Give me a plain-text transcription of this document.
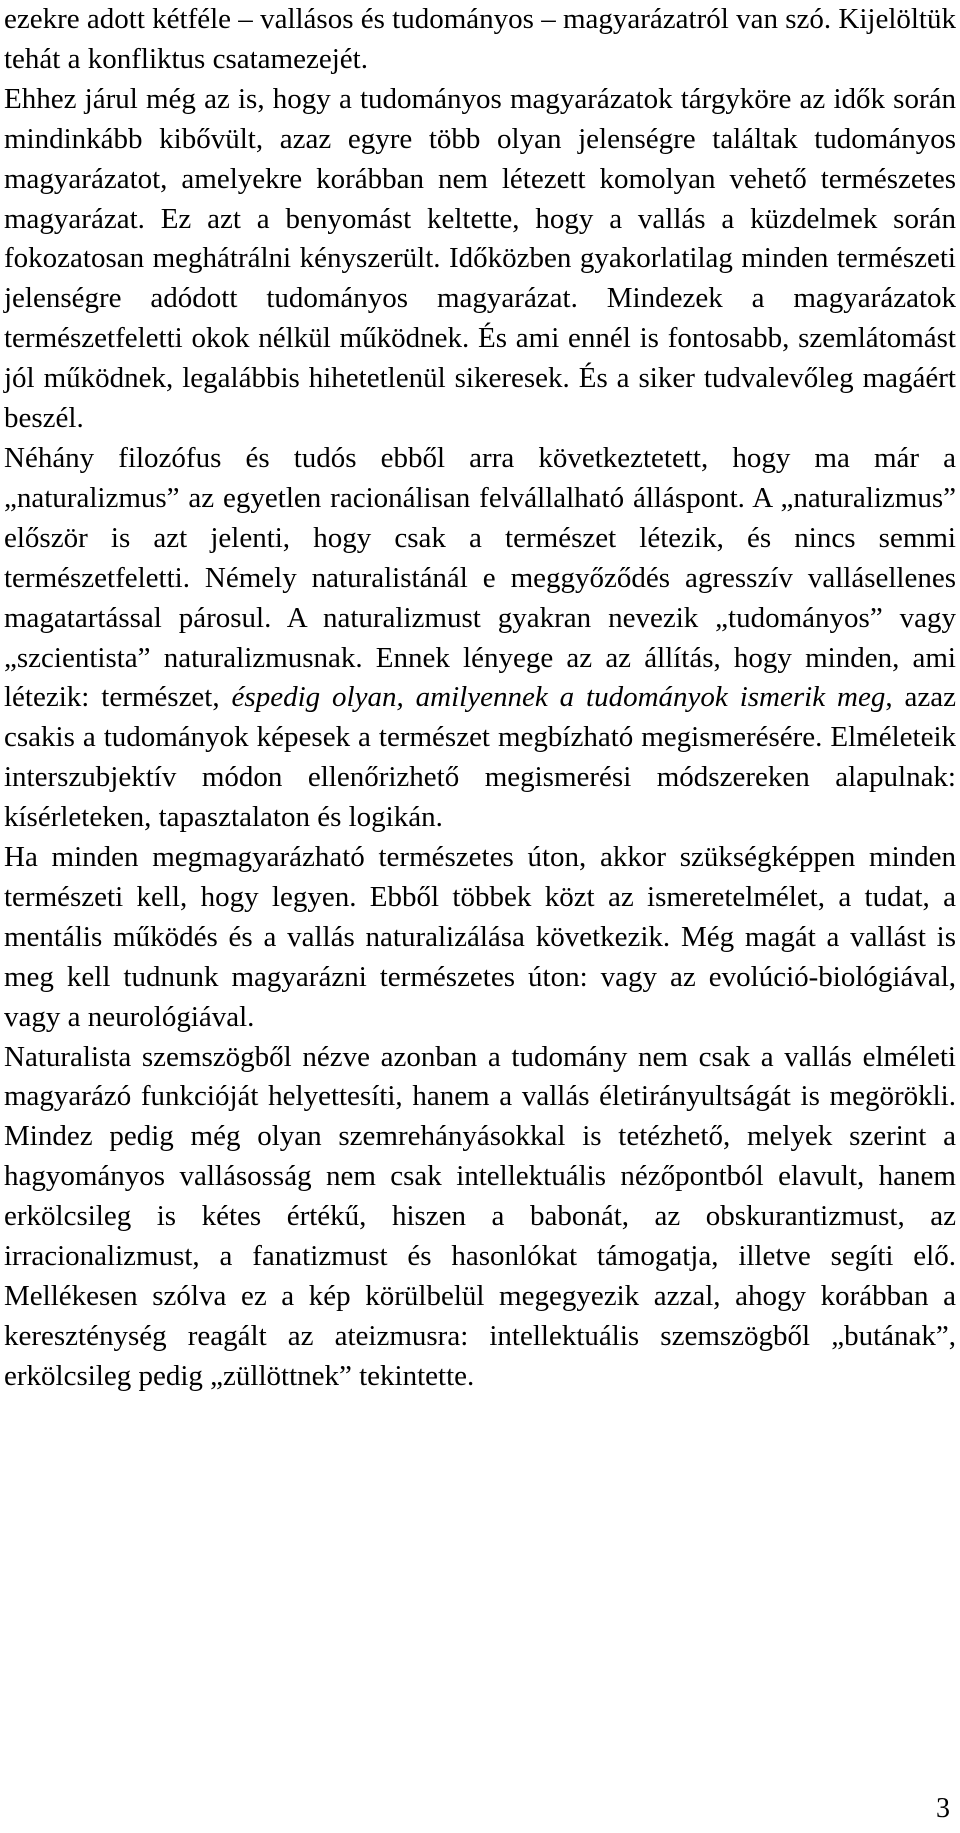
ezekre adott kétféle – vallásos és tudományos – magyarázatról van szó. Kijelöltük tehát a konfliktus csatamezejét.

Ehhez járul még az is, hogy a tudományos magyarázatok tárgyköre az idők során mindinkább kibővült, azaz egyre több olyan jelenségre találtak tudományos magyarázatot, amelyekre korábban nem létezett komolyan vehető természetes magyarázat. Ez azt a benyomást keltette, hogy a vallás a küzdelmek során fokozatosan meghátrálni kényszerült. Időközben gyakorlatilag minden természeti jelenségre adódott tudományos magyarázat. Mindezek a magyarázatok természetfeletti okok nélkül működnek. És ami ennél is fontosabb, szemlátomást jól működnek, legalábbis hihetetlenül sikeresek. És a siker tudvalevőleg magáért beszél.

Néhány filozófus és tudós ebből arra következtetett, hogy ma már a „naturalizmus” az egyetlen racionálisan felvállalható álláspont. A „naturalizmus” először is azt jelenti, hogy csak a természet létezik, és nincs semmi természetfeletti. Némely naturalistánál e meggyőződés agresszív vallásellenes magatartással párosul. A naturalizmust gyakran nevezik „tudományos” vagy „szcientista” naturalizmusnak. Ennek lényege az az állítás, hogy minden, ami létezik: természet, éspedig olyan, amilyennek a tudományok ismerik meg, azaz csakis a tudományok képesek a természet megbízható megismerésére. Elméleteik interszubjektív módon ellenőrizhető megismerési módszereken alapulnak: kísérleteken, tapasztalaton és logikán.

Ha minden megmagyarázható természetes úton, akkor szükségképpen minden természeti kell, hogy legyen. Ebből többek közt az ismeretelmélet, a tudat, a mentális működés és a vallás naturalizálása következik. Még magát a vallást is meg kell tudnunk magyarázni természetes úton: vagy az evolúció-biológiával, vagy a neurológiával.

Naturalista szemszögből nézve azonban a tudomány nem csak a vallás elméleti magyarázó funkcióját helyettesíti, hanem a vallás életirányultságát is megörökli. Mindez pedig még olyan szemrehányásokkal is tetézhető, melyek szerint a hagyományos vallásosság nem csak intellektuális nézőpontból elavult, hanem erkölcsileg is kétes értékű, hiszen a babonát, az obskurantizmust, az irracionalizmust, a fanatizmust és hasonlókat támogatja, illetve segíti elő. Mellékesen szólva ez a kép körülbelül megegyezik azzal, ahogy korábban a kereszténység reagált az ateizmusra: intellektuális szemszögből „butának”, erkölcsileg pedig „züllöttnek” tekintette.

3
